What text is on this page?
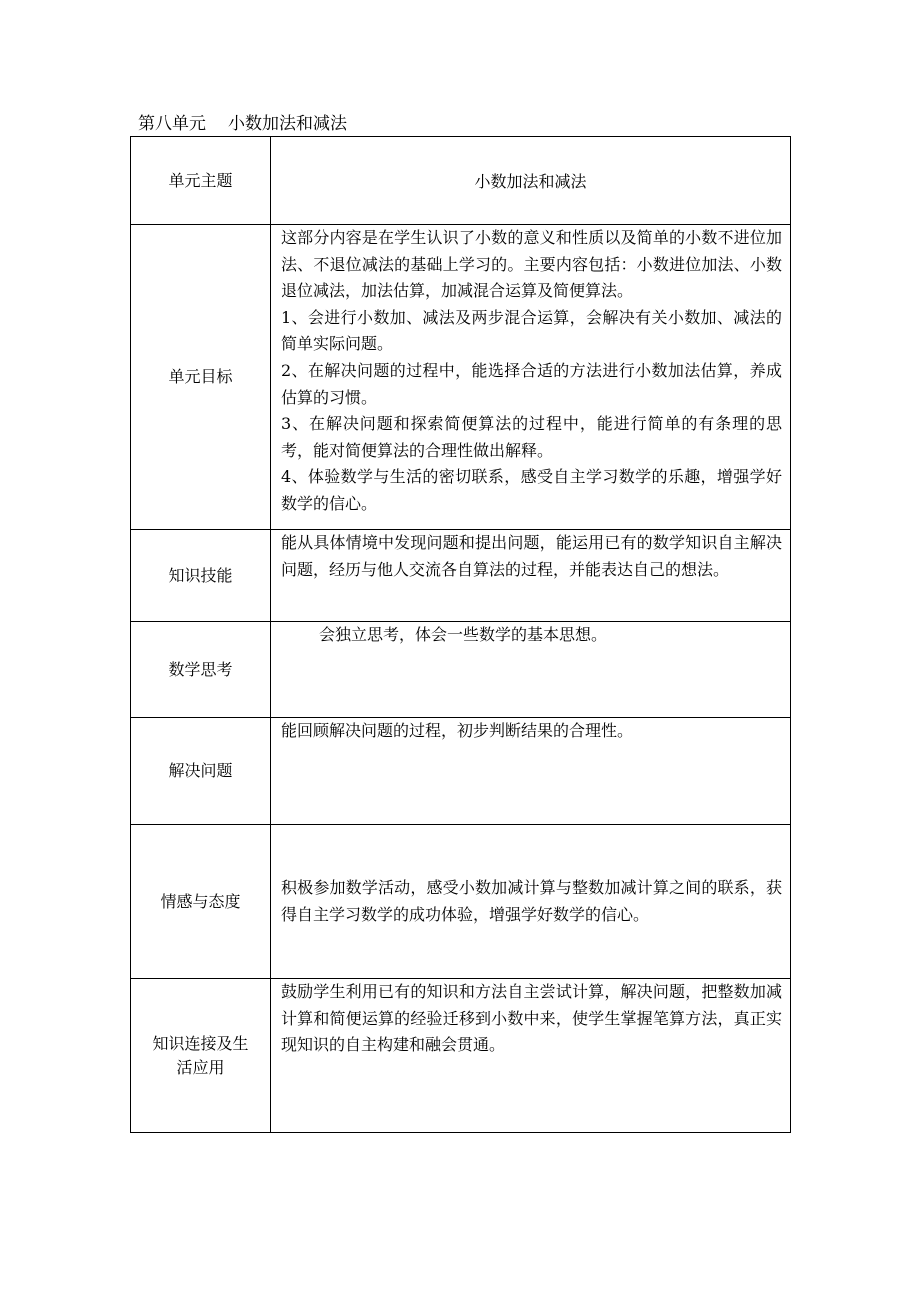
第八单元 小数加法和减法
单元主题	小数加法和减法
单元目标	这部分内容是在学生认识了小数的意义和性质以及简单的小数不进位加法、不退位减法的基础上学习的。主要内容包括：小数进位加法、小数退位减法，加法估算，加减混合运算及简便算法。

1、会进行小数加、减法及两步混合运算，会解决有关小数加、减法的简单实际问题。

2、在解决问题的过程中，能选择合适的方法进行小数加法估算，养成估算的习惯。

3、在解决问题和探索简便算法的过程中，能进行简单的有条理的思考，能对简便算法的合理性做出解释。

4、体验数学与生活的密切联系，感受自主学习数学的乐趣，增强学好数学的信心。

知识技能	能从具体情境中发现问题和提出问题，能运用已有的数学知识自主解决问题，经历与他人交流各自算法的过程，并能表达自己的想法。
数学思考	会独立思考，体会一些数学的基本思想。

解决问题	能回顾解决问题的过程，初步判断结果的合理性。
情感与态度	积极参加数学活动，感受小数加减计算与整数加减计算之间的联系，获得自主学习数学的成功体验，增强学好数学的信心。

知识连接及生
活应用	鼓励学生利用已有的知识和方法自主尝试计算，解决问题，把整数加减计算和简便运算的经验迁移到小数中来，使学生掌握笔算方法，真正实现知识的自主构建和融会贯通。
